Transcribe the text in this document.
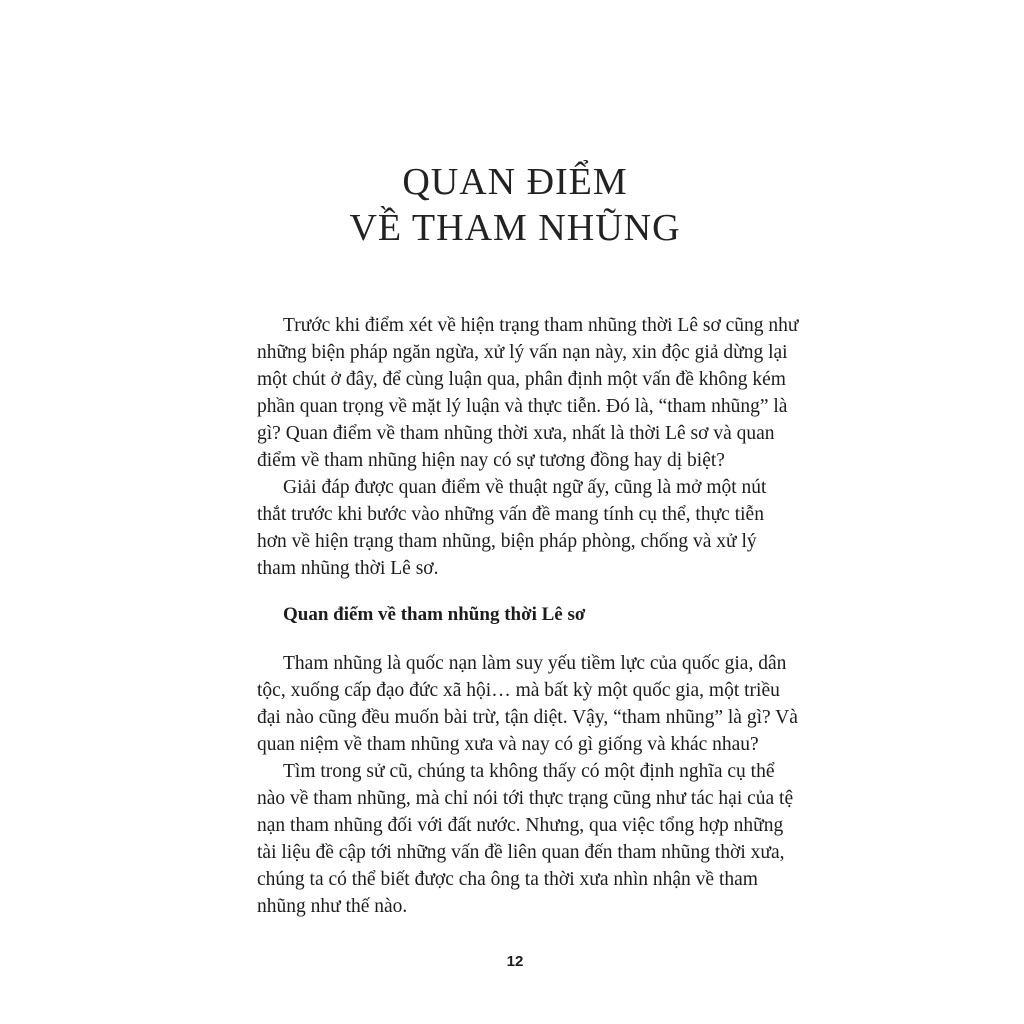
QUAN ĐIỂM
VỀ THAM NHŨNG
Trước khi điểm xét về hiện trạng tham nhũng thời Lê sơ cũng như
những biện pháp ngăn ngừa, xử lý vấn nạn này, xin độc giả dừng lại
một chút ở đây, để cùng luận qua, phân định một vấn đề không kém
phần quan trọng về mặt lý luận và thực tiễn. Đó là, “tham nhũng” là
gì? Quan điểm về tham nhũng thời xưa, nhất là thời Lê sơ và quan
điểm về tham nhũng hiện nay có sự tương đồng hay dị biệt?
Giải đáp được quan điểm về thuật ngữ ấy, cũng là mở một nút
thắt trước khi bước vào những vấn đề mang tính cụ thể, thực tiễn
hơn về hiện trạng tham nhũng, biện pháp phòng, chống và xử lý
tham nhũng thời Lê sơ.
Quan điểm về tham nhũng thời Lê sơ
Tham nhũng là quốc nạn làm suy yếu tiềm lực của quốc gia, dân
tộc, xuống cấp đạo đức xã hội… mà bất kỳ một quốc gia, một triều
đại nào cũng đều muốn bài trừ, tận diệt. Vậy, “tham nhũng” là gì? Và
quan niệm về tham nhũng xưa và nay có gì giống và khác nhau?
Tìm trong sử cũ, chúng ta không thấy có một định nghĩa cụ thể
nào về tham nhũng, mà chỉ nói tới thực trạng cũng như tác hại của tệ
nạn tham nhũng đối với đất nước. Nhưng, qua việc tổng hợp những
tài liệu đề cập tới những vấn đề liên quan đến tham nhũng thời xưa,
chúng ta có thể biết được cha ông ta thời xưa nhìn nhận về tham
nhũng như thế nào.
12
